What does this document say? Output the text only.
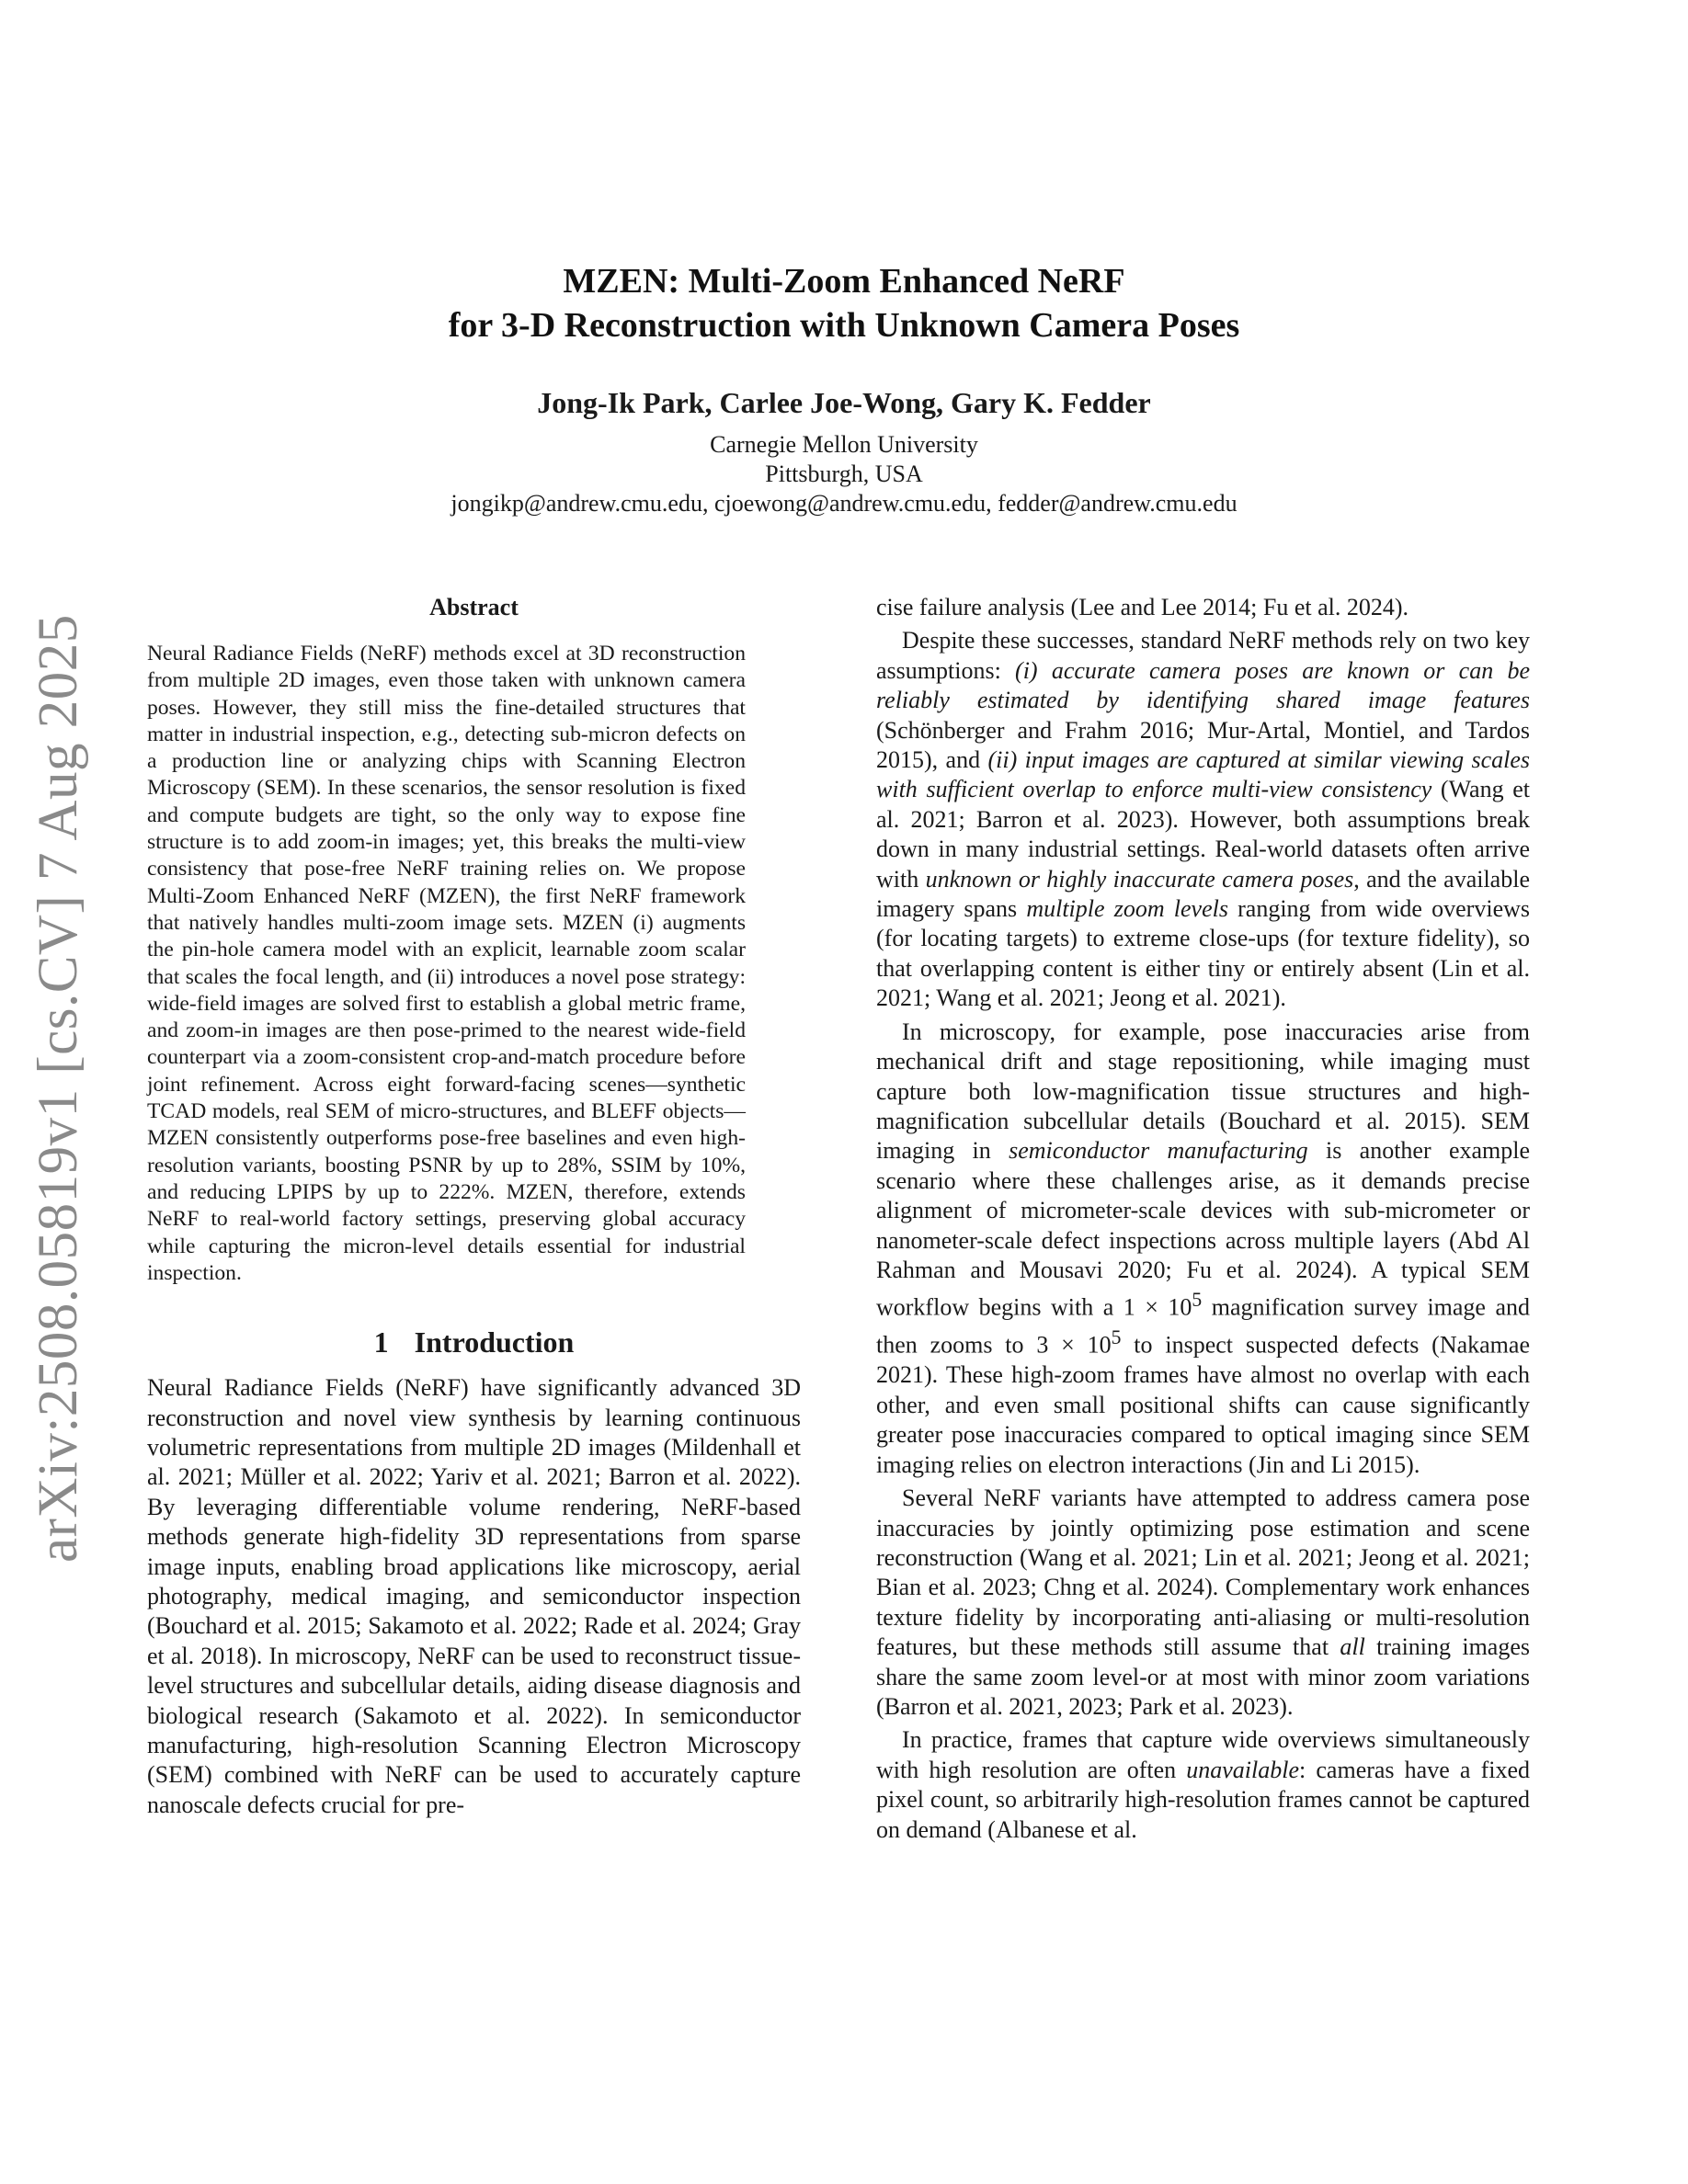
arXiv:2508.05819v1 [cs.CV] 7 Aug 2025
MZEN: Multi-Zoom Enhanced NeRF
for 3-D Reconstruction with Unknown Camera Poses
Jong-Ik Park, Carlee Joe-Wong, Gary K. Fedder
Carnegie Mellon University
Pittsburgh, USA
jongikp@andrew.cmu.edu, cjoewong@andrew.cmu.edu, fedder@andrew.cmu.edu
Abstract

Neural Radiance Fields (NeRF) methods excel at 3D reconstruction from multiple 2D images, even those taken with unknown camera poses. However, they still miss the fine-detailed structures that matter in industrial inspection, e.g., detecting sub-micron defects on a production line or analyzing chips with Scanning Electron Microscopy (SEM). In these scenarios, the sensor resolution is fixed and compute budgets are tight, so the only way to expose fine structure is to add zoom-in images; yet, this breaks the multi-view consistency that pose-free NeRF training relies on. We propose Multi-Zoom Enhanced NeRF (MZEN), the first NeRF framework that natively handles multi-zoom image sets. MZEN (i) augments the pin-hole camera model with an explicit, learnable zoom scalar that scales the focal length, and (ii) introduces a novel pose strategy: wide-field images are solved first to establish a global metric frame, and zoom-in images are then pose-primed to the nearest wide-field counterpart via a zoom-consistent crop-and-match procedure before joint refinement. Across eight forward-facing scenes—synthetic TCAD models, real SEM of micro-structures, and BLEFF objects—MZEN consistently outperforms pose-free baselines and even high-resolution variants, boosting PSNR by up to 28%, SSIM by 10%, and reducing LPIPS by up to 222%. MZEN, therefore, extends NeRF to real-world factory settings, preserving global accuracy while capturing the micron-level details essential for industrial inspection.

1 Introduction

Neural Radiance Fields (NeRF) have significantly advanced 3D reconstruction and novel view synthesis by learning continuous volumetric representations from multiple 2D images (Mildenhall et al. 2021; Müller et al. 2022; Yariv et al. 2021; Barron et al. 2022). By leveraging differentiable volume rendering, NeRF-based methods generate high-fidelity 3D representations from sparse image inputs, enabling broad applications like microscopy, aerial photography, medical imaging, and semiconductor inspection (Bouchard et al. 2015; Sakamoto et al. 2022; Rade et al. 2024; Gray et al. 2018). In microscopy, NeRF can be used to reconstruct tissue-level structures and subcellular details, aiding disease diagnosis and biological research (Sakamoto et al. 2022). In semiconductor manufacturing, high-resolution Scanning Electron Microscopy (SEM) combined with NeRF can be used to accurately capture nanoscale defects crucial for pre-

cise failure analysis (Lee and Lee 2014; Fu et al. 2024).

Despite these successes, standard NeRF methods rely on two key assumptions: (i) accurate camera poses are known or can be reliably estimated by identifying shared image features (Schönberger and Frahm 2016; Mur-Artal, Montiel, and Tardos 2015), and (ii) input images are captured at similar viewing scales with sufficient overlap to enforce multi-view consistency (Wang et al. 2021; Barron et al. 2023). However, both assumptions break down in many industrial settings. Real-world datasets often arrive with unknown or highly inaccurate camera poses, and the available imagery spans multiple zoom levels ranging from wide overviews (for locating targets) to extreme close-ups (for texture fidelity), so that overlapping content is either tiny or entirely absent (Lin et al. 2021; Wang et al. 2021; Jeong et al. 2021).

In microscopy, for example, pose inaccuracies arise from mechanical drift and stage repositioning, while imaging must capture both low-magnification tissue structures and high-magnification subcellular details (Bouchard et al. 2015). SEM imaging in semiconductor manufacturing is another example scenario where these challenges arise, as it demands precise alignment of micrometer-scale devices with sub-micrometer or nanometer-scale defect inspections across multiple layers (Abd Al Rahman and Mousavi 2020; Fu et al. 2024). A typical SEM workflow begins with a $1 \times 10^5$ magnification survey image and then zooms to $3 \times 10^5$ to inspect suspected defects (Nakamae 2021). These high-zoom frames have almost no overlap with each other, and even small positional shifts can cause significantly greater pose inaccuracies compared to optical imaging since SEM imaging relies on electron interactions (Jin and Li 2015).

Several NeRF variants have attempted to address camera pose inaccuracies by jointly optimizing pose estimation and scene reconstruction (Wang et al. 2021; Lin et al. 2021; Jeong et al. 2021; Bian et al. 2023; Chng et al. 2024). Complementary work enhances texture fidelity by incorporating anti-aliasing or multi-resolution features, but these methods still assume that all training images share the same zoom level-or at most with minor zoom variations (Barron et al. 2021, 2023; Park et al. 2023).

In practice, frames that capture wide overviews simultaneously with high resolution are often unavailable: cameras have a fixed pixel count, so arbitrarily high-resolution frames cannot be captured on demand (Albanese et al.
